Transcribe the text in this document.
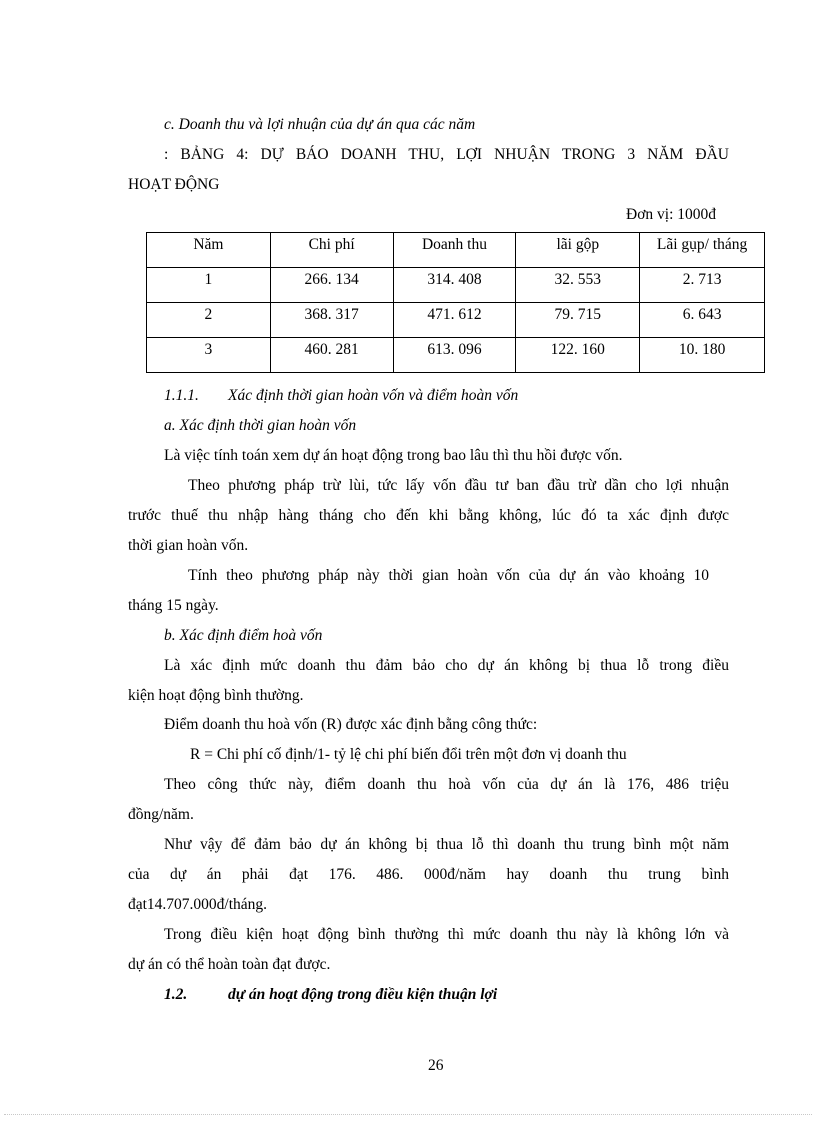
c. Doanh thu và lợi nhuận của dự án qua các năm
: BẢNG 4: DỰ BÁO DOANH THU, LỢI NHUẬN TRONG 3 NĂM ĐẦU
HOẠT ĐỘNG
Đơn vị: 1000đ
Năm	Chi phí	Doanh thu	lãi gộp	Lãi gụp/ tháng
1	266. 134	314. 408	32. 553	2. 713
2	368. 317	471. 612	79. 715	6. 643
3	460. 281	613. 096	122. 160	10. 180
1.1.1. Xác định thời gian hoàn vốn và điểm hoàn vốn
a. Xác định thời gian hoàn vốn
Là việc tính toán xem dự án hoạt động trong bao lâu thì thu hồi được vốn.
Theo phương pháp trừ lùi, tức lấy vốn đầu tư ban đầu trừ dần cho lợi nhuận
trước thuế thu nhập hàng tháng cho đến khi bằng không, lúc đó ta xác định được
thời gian hoàn vốn.
Tính theo phương pháp này thời gian hoàn vốn của dự án vào khoảng 10
tháng 15 ngày.
b. Xác định điểm hoà vốn
Là xác định mức doanh thu đảm bảo cho dự án không bị thua lỗ trong điều
kiện hoạt động bình thường.
Điểm doanh thu hoà vốn (R) được xác định bằng công thức:
R = Chi phí cố định/1- tỷ lệ chi phí biến đổi trên một đơn vị doanh thu
Theo công thức này, điểm doanh thu hoà vốn của dự án là 176, 486 triệu
đồng/năm.
Như vậy để đảm bảo dự án không bị thua lỗ thì doanh thu trung bình một năm
của dự án phải đạt 176. 486. 000đ/năm hay doanh thu trung bình
đạt14.707.000đ/tháng.
Trong điều kiện hoạt động bình thường thì mức doanh thu này là không lớn và
dự án có thể hoàn toàn đạt được.
1.2.	dự án hoạt động trong điều kiện thuận lợi
26
